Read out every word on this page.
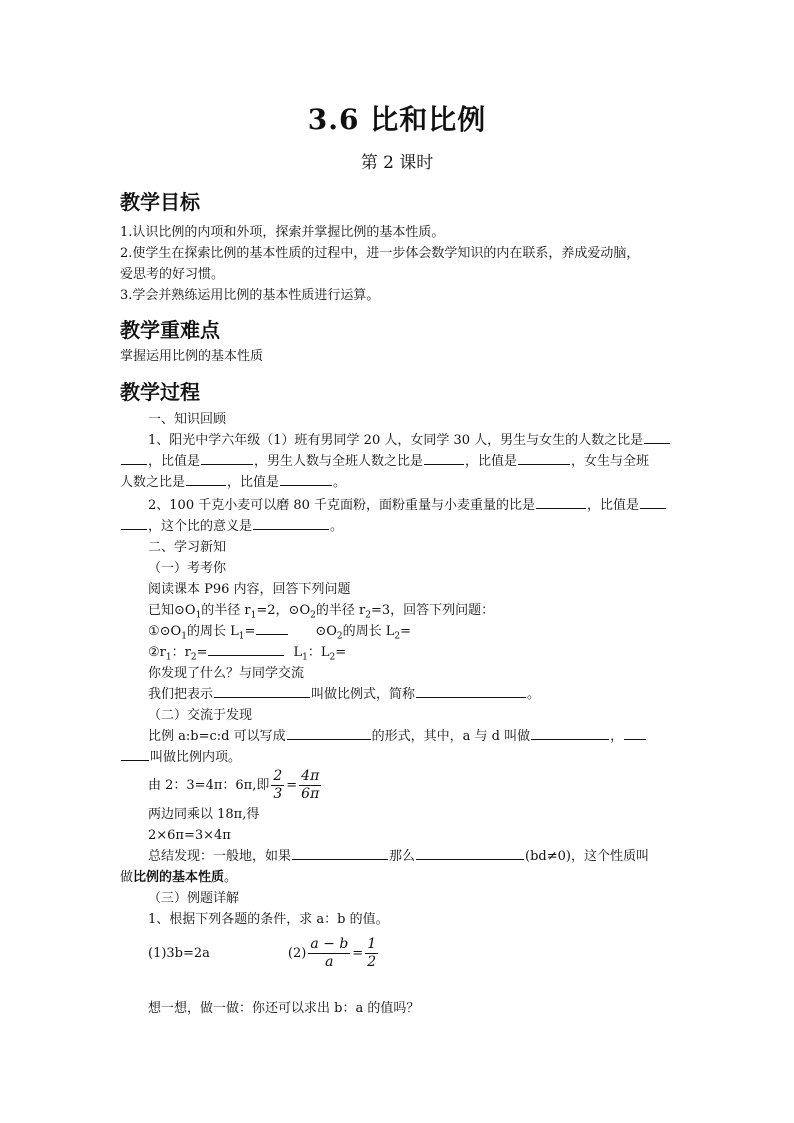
3.6 比和比例
第 2 课时
教学目标
1.认识比例的内项和外项，探索并掌握比例的基本性质。
2.使学生在探索比例的基本性质的过程中，进一步体会数学知识的内在联系，养成爱动脑，
爱思考的好习惯。
3.学会并熟练运用比例的基本性质进行运算。
教学重难点
掌握运用比例的基本性质
教学过程
一、知识回顾
1、阳光中学六年级（1）班有男同学 20 人，女同学 30 人，男生与女生的人数之比是
，比值是	，男生人数与全班人数之比是	，比值是	，女生与全班
人数之比是	，比值是	。
2、100 千克小麦可以磨 80 千克面粉，面粉重量与小麦重量的比是	，比值是
，这个比的意义是	。
二、学习新知
（一）考考你
阅读课本 P96 内容，回答下列问题
已知$⊙O_1$的半径 $r_1=2$，$⊙O_2$的半径 $r_2=3$，回答下列问题：
$①⊙O_1$的周长 $L_1=$	$⊙O_2$的周长 $L_2=$
$②r_1$：$r_2=$	$L_1$：$L_2=$
你发现了什么？与同学交流
我们把表示	叫做比例式，简称	。
（二）交流于发现
比例 a:b=c:d 可以写成	的形式，其中，a 与 d 叫做	，
叫做比例内项。
由 2：3=4π：6π,即 $\frac{2}{3} = \frac{4\pi}{6\pi}$
两边同乘以 18π,得
2×6π=3×4π
总结发现：一般地，如果	那么	(bd≠0)，这个性质叫
做比例的基本性质。
（三）例题详解
1、根据下列各题的条件，求 a：b 的值。
(1)3b=2a	$(2) \frac{a - b}{a} = \frac{1}{2}$
想一想，做一做：你还可以求出 b：a 的值吗？
